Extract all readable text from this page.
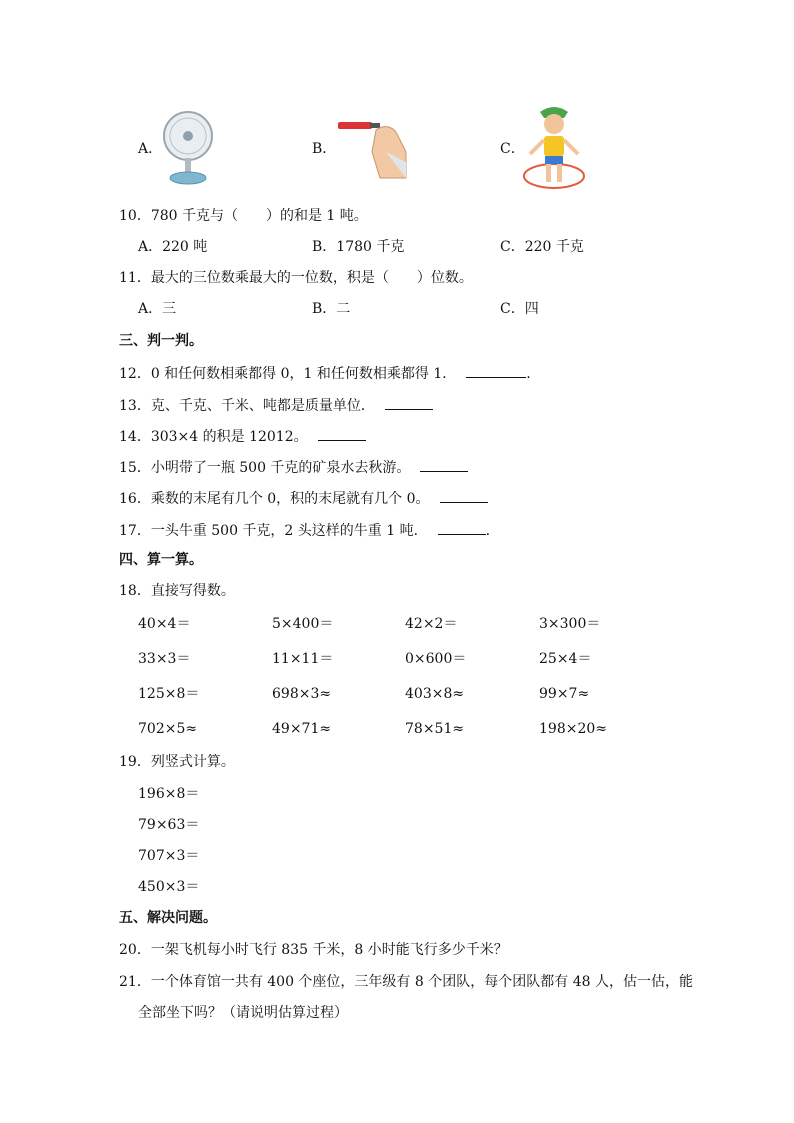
A．	B．	C．
10．780 千克与（　　）的和是 1 吨。
A．220 吨	B．1780 千克	C．220 千克
11．最大的三位数乘最大的一位数，积是（　　）位数。
A．三	B．二	C．四
三、判一判。
12．0 和任何数相乘都得 0，1 和任何数相乘都得 1．	.
13．克、千克、千米、吨都是质量单位．
14．303×4 的积是 12012。
15．小明带了一瓶 500 千克的矿泉水去秋游。
16．乘数的末尾有几个 0，积的末尾就有几个 0。
17．一头牛重 500 千克，2 头这样的牛重 1 吨．	.
四、算一算。
18．直接写得数。
40×4＝	5×400＝	42×2＝	3×300＝
33×3＝	11×11＝	0×600＝	25×4＝
125×8＝	698×3≈	403×8≈	99×7≈
702×5≈	49×71≈	78×51≈	198×20≈
19．列竖式计算。
196×8＝
79×63＝
707×3＝
450×3＝
五、解决问题。
20．一架飞机每小时飞行 835 千米，8 小时能飞行多少千米？
21．一个体育馆一共有 400 个座位，三年级有 8 个团队，每个团队都有 48 人，估一估，能
全部坐下吗？（请说明估算过程）
